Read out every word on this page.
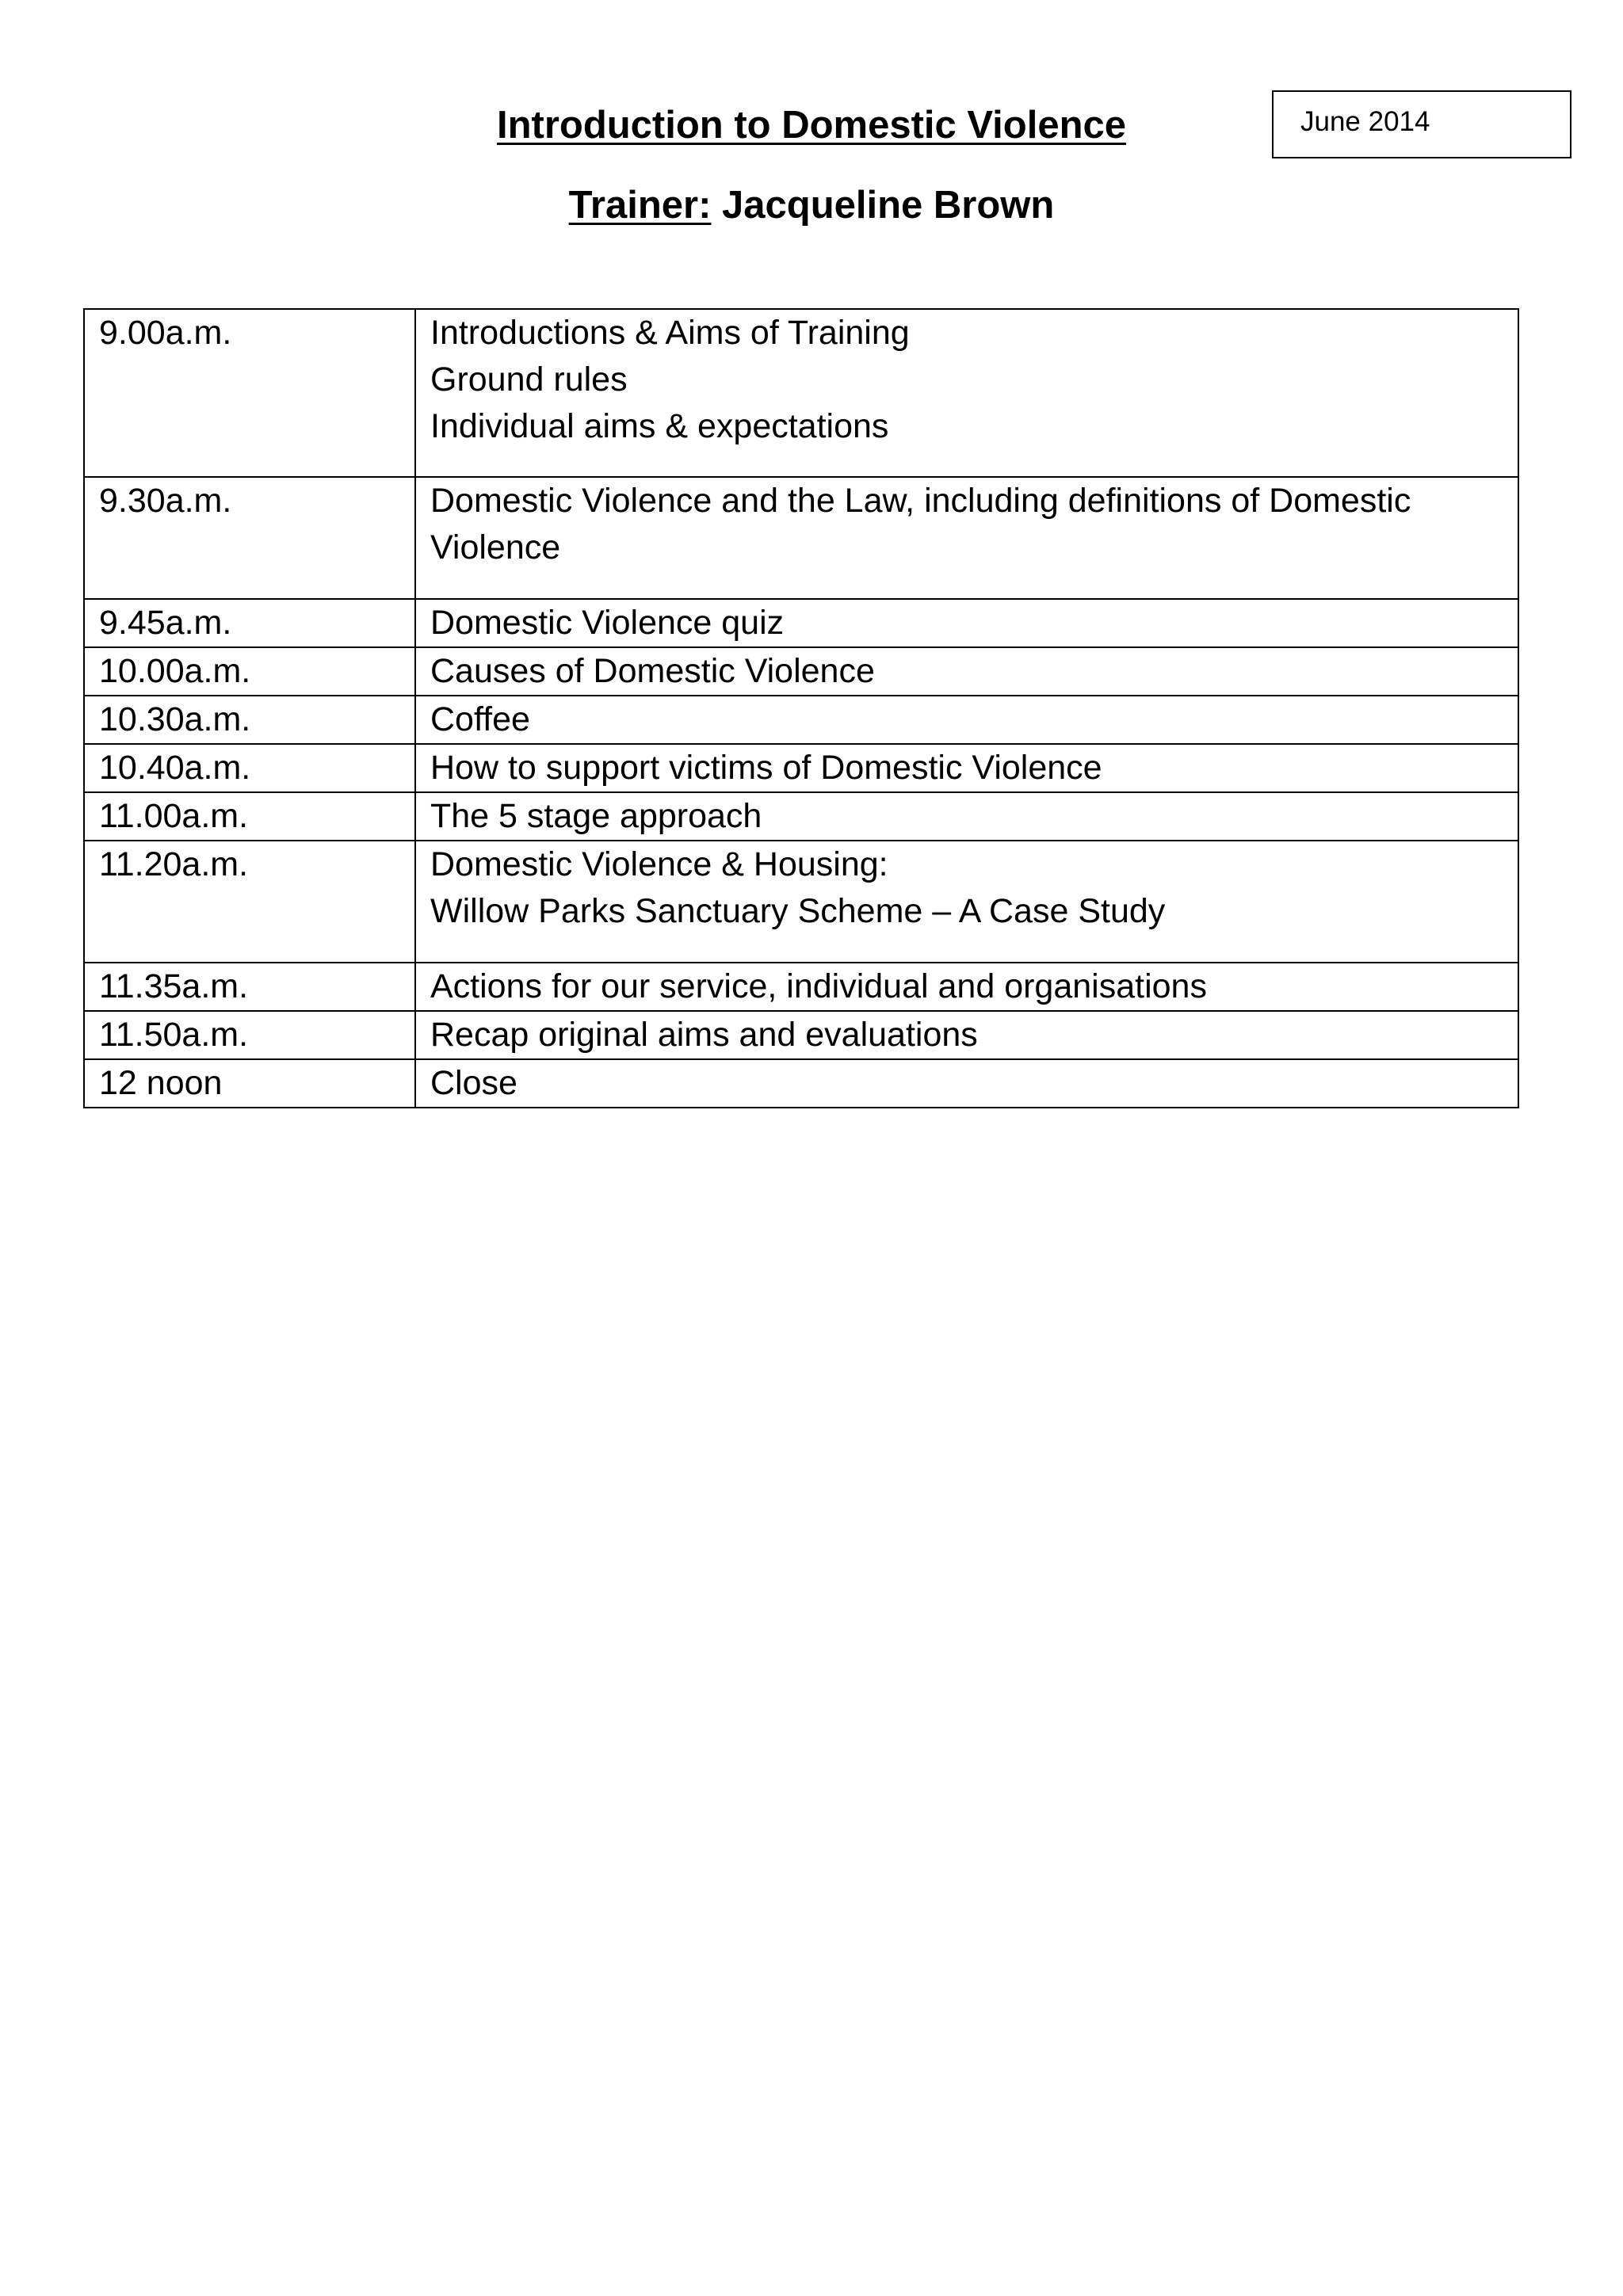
June 2014
Introduction to Domestic Violence
Trainer: Jacqueline Brown
9.00a.m.	Introductions & Aims of Training
Ground rules
Individual aims & expectations

9.30a.m.	Domestic Violence and the Law, including definitions of Domestic
Violence

9.45a.m.	Domestic Violence quiz

10.00a.m.	Causes of Domestic Violence

10.30a.m.	Coffee

10.40a.m.	How to support victims of Domestic Violence

11.00a.m.	The 5 stage approach

11.20a.m.	Domestic Violence & Housing:
Willow Parks Sanctuary Scheme – A Case Study

11.35a.m.	Actions for our service, individual and organisations

11.50a.m.	Recap original aims and evaluations

12 noon	Close
